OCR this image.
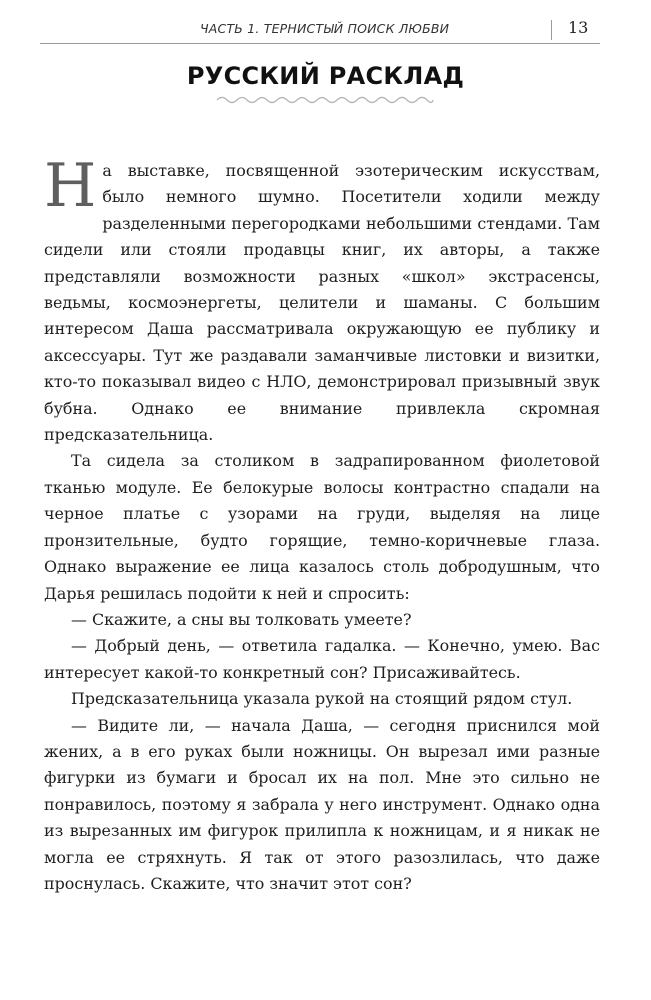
ЧАСТЬ 1. ТЕРНИСТЫЙ ПОИСК ЛЮБВИ	13
РУССКИЙ РАСКЛАД

На выставке, посвященной эзотерическим искусствам, было немного шумно. Посетители ходили между разделенными перегородками небольшими стендами. Там сидели или стояли продавцы книг, их авторы, а также представляли возможности разных «школ» экстрасенсы, ведьмы, космоэнергеты, целители и шаманы. С большим интересом Даша рассматривала окружающую ее публику и аксессуары. Тут же раздавали заманчивые листовки и визитки, кто-то показывал видео с НЛО, демонстрировал призывный звук бубна. Однако ее внимание привлекла скромная предсказательница.

Та сидела за столиком в задрапированном фиолетовой тканью модуле. Ее белокурые волосы контрастно спадали на черное платье с узорами на груди, выделяя на лице пронзительные, будто горящие, темно-коричневые глаза. Однако выражение ее лица казалось столь добродушным, что Дарья решилась подойти к ней и спросить:

— Скажите, а сны вы толковать умеете?

— Добрый день, — ответила гадалка. — Конечно, умею. Вас интересует какой-то конкретный сон? Присаживайтесь.

Предсказательница указала рукой на стоящий рядом стул.

— Видите ли, — начала Даша, — сегодня приснился мой жених, а в его руках были ножницы. Он вырезал ими разные фигурки из бумаги и бросал их на пол. Мне это сильно не понравилось, поэтому я забрала у него инструмент. Однако одна из вырезанных им фигурок прилипла к ножницам, и я никак не могла ее стряхнуть. Я так от этого разозлилась, что даже проснулась. Скажите, что значит этот сон?
